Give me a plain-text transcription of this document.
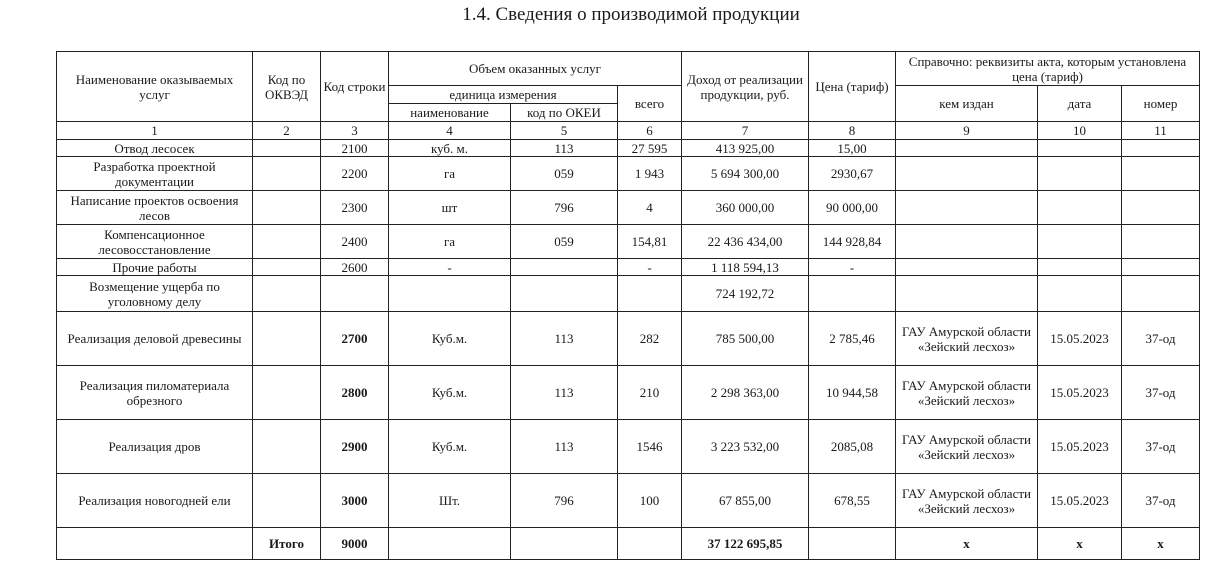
1.4. Сведения о производимой продукции
Наименование оказываемых услуг	Код по ОКВЭД	Код строки	Объем оказанных услуг			Доход от реализации продукции, руб.	Цена (тариф)	Справочно: реквизиты акта, которым установлена цена (тариф)		
			единица измерения		всего			кем издан	дата	номер
			наименование	код по ОКЕИ						
1	2	3	4	5	6	7	8	9	10	11
Отвод лесосек		2100	куб. м.	113	27 595	413 925,00	15,00			
Разработка проектной документации		2200	га	059	1 943	5 694 300,00	2930,67			
Написание проектов освоения лесов		2300	шт	796	4	360 000,00	90 000,00			
Компенсационное лесовосстановление		2400	га	059	154,81	22 436 434,00	144 928,84			
Прочие работы		2600	-		-	1 118 594,13	-			
Возмещение ущерба по уголовному делу						724 192,72				
Реализация деловой древесины		2700	Куб.м.	113	282	785 500,00	2 785,46	ГАУ Амурской области «Зейский лесхоз»	15.05.2023	37-од
Реализация пиломатериала обрезного		2800	Куб.м.	113	210	2 298 363,00	10 944,58	ГАУ Амурской области «Зейский лесхоз»	15.05.2023	37-од
Реализация дров		2900	Куб.м.	113	1546	3 223 532,00	2085,08	ГАУ Амурской области «Зейский лесхоз»	15.05.2023	37-од
Реализация новогодней ели		3000	Шт.	796	100	67 855,00	678,55	ГАУ Амурской области «Зейский лесхоз»	15.05.2023	37-од
	Итого	9000				37 122 695,85		x	x	x
